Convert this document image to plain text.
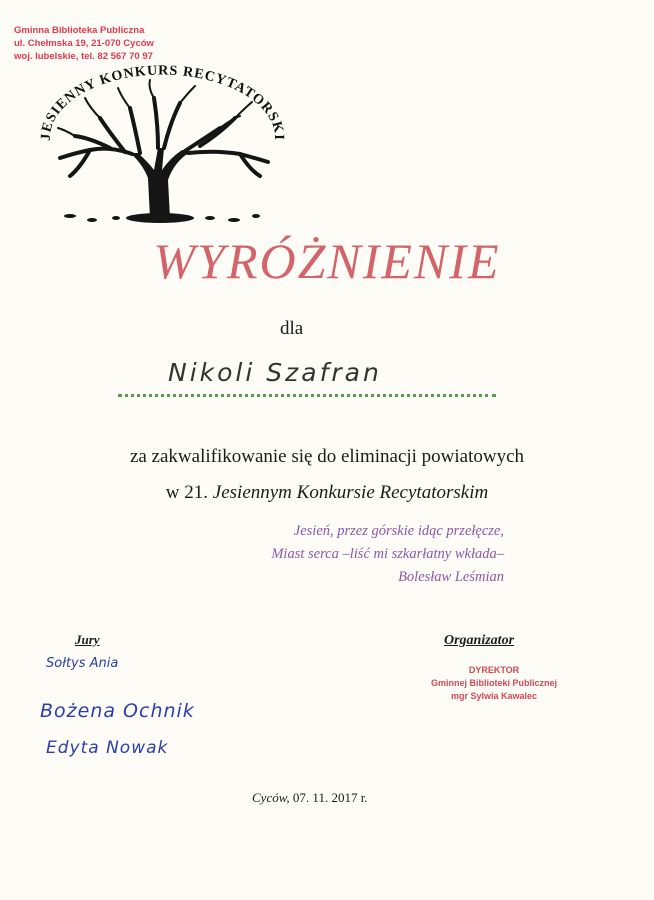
Gminna Biblioteka Publiczna
ul. Chełmska 19, 21-070 Cyców
woj. lubelskie, tel. 82 567 70 97
JESIENNY KONKURS RECYTATORSKI
WYRÓŻNIENIE
dla
Nikoli Szafran
za zakwalifikowanie się do eliminacji powiatowych
w 21. Jesiennym Konkursie Recytatorskim
Jesień, przez górskie idąc przełęcze,
Miast serca –liść mi szkarłatny wkłada–
Bolesław Leśmian
Jury	Organizator
DYREKTOR
Gminnej Biblioteki Publicznej
mgr Sylwia Kawalec
Sołtys Ania
Bożena Ochnik
Edyta Nowak
Cyców, 07. 11. 2017 r.
